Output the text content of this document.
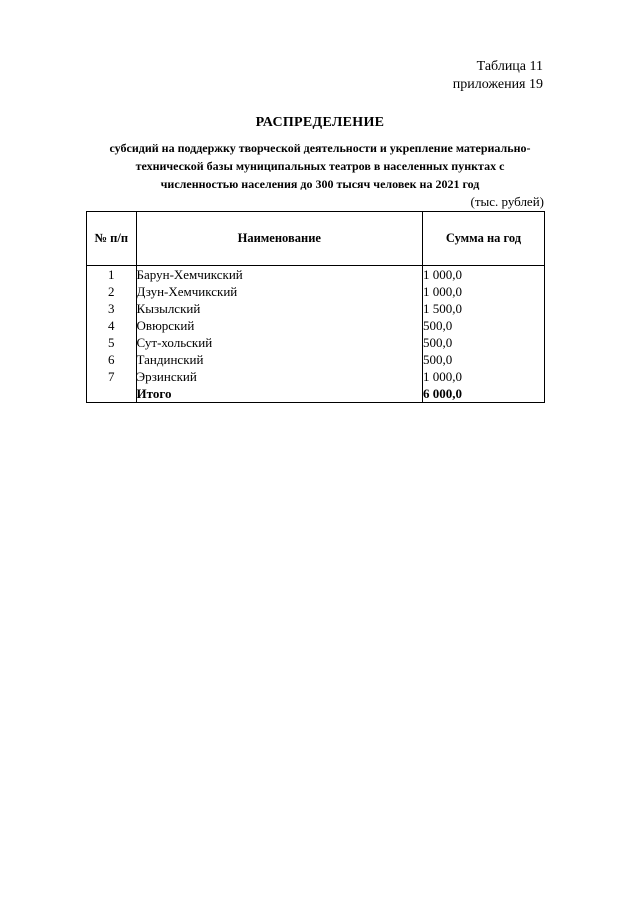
Таблица 11
приложения 19
РАСПРЕДЕЛЕНИЕ
субсидий на поддержку творческой деятельности и укрепление материально-
технической базы муниципальных театров в населенных пунктах с
численностью населения до 300 тысяч человек на 2021 год
(тыс. рублей)
№ п/п	Наименование	Сумма на год
1	Барун-Хемчикский	1 000,0
2	Дзун-Хемчикский	1 000,0
3	Кызылский	1 500,0
4	Овюрский	500,0
5	Сут-хольский	500,0
6	Тандинский	500,0
7	Эрзинский	1 000,0
	Итого	6 000,0
